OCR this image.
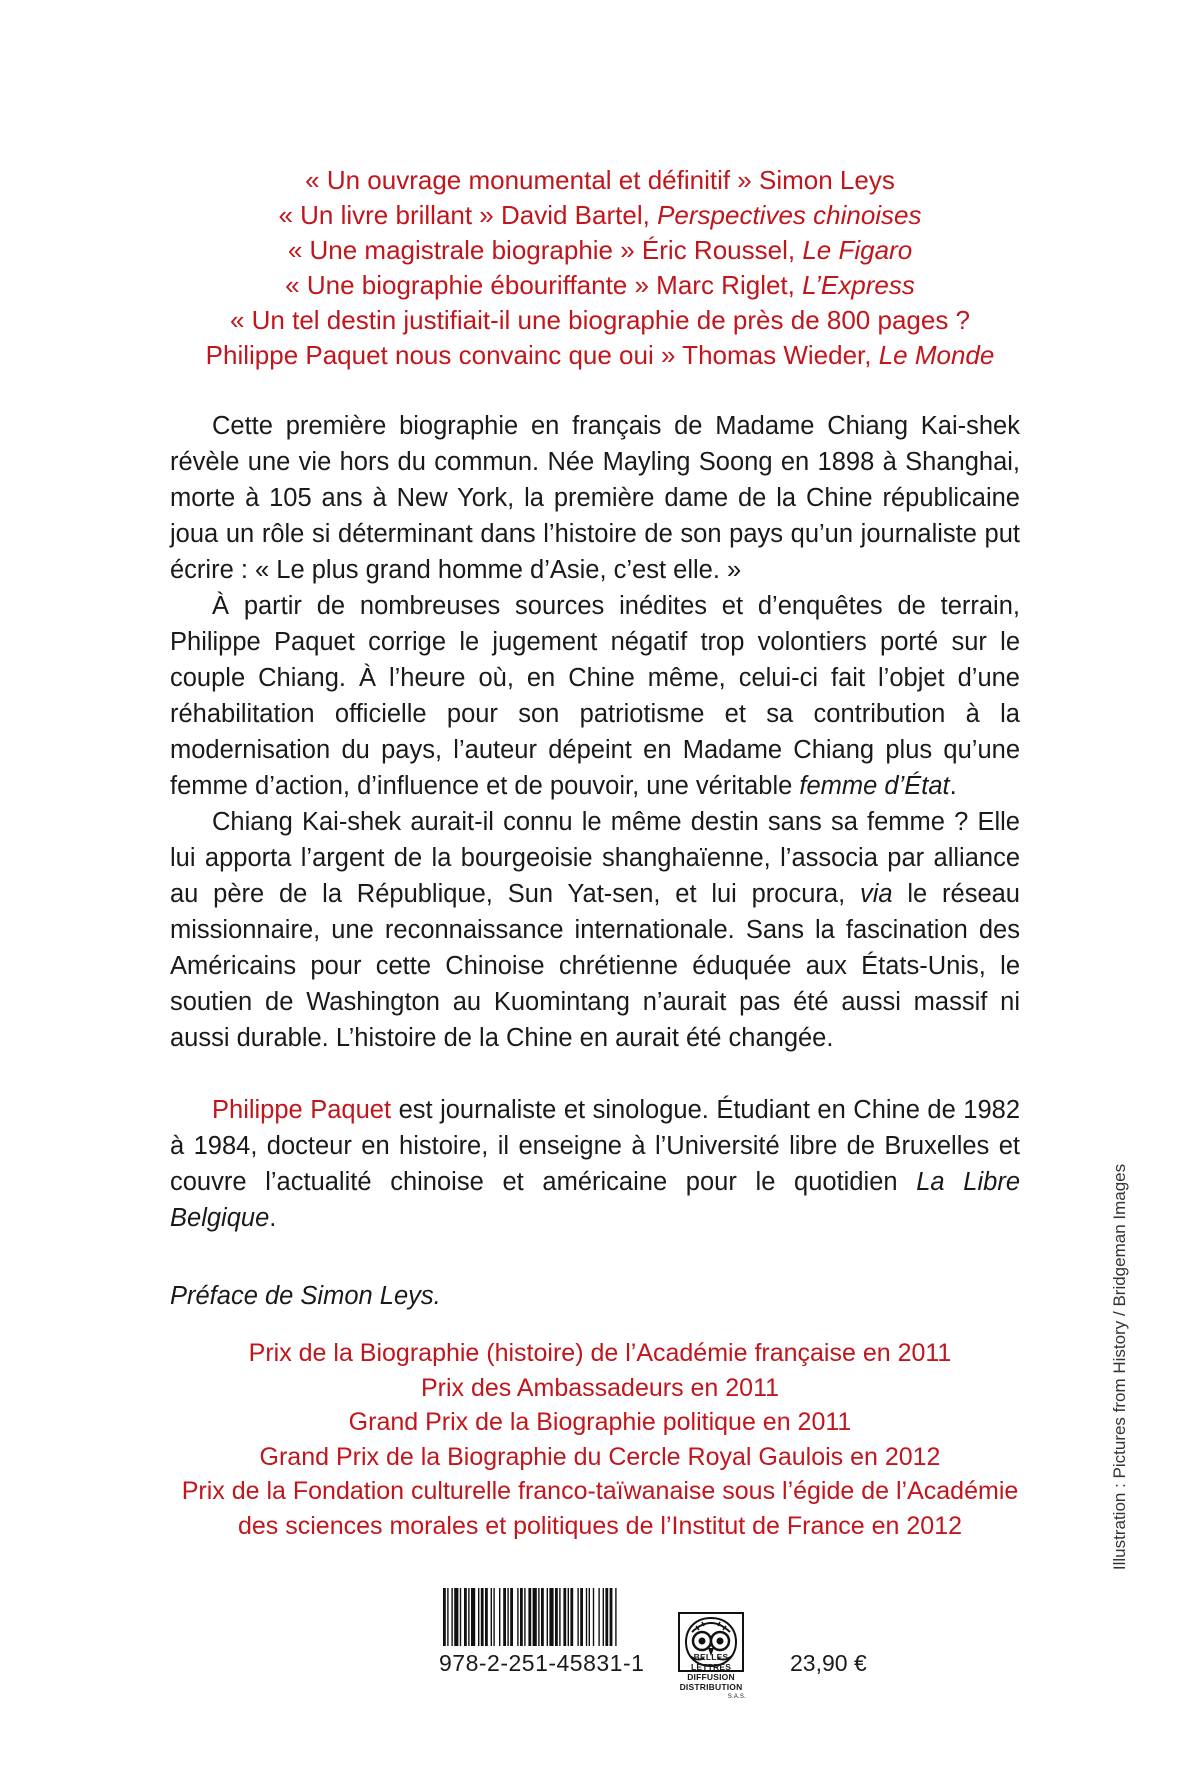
« Un ouvrage monumental et définitif » Simon Leys
« Un livre brillant » David Bartel, Perspectives chinoises
« Une magistrale biographie » Éric Roussel, Le Figaro
« Une biographie ébouriffante » Marc Riglet, L’Express
« Un tel destin justifiait-il une biographie de près de 800 pages ?
Philippe Paquet nous convainc que oui » Thomas Wieder, Le Monde

Cette première biographie en français de Madame Chiang Kai-shek révèle une vie hors du commun. Née Mayling Soong en 1898 à Shanghai, morte à 105 ans à New York, la première dame de la Chine républicaine joua un rôle si déterminant dans l’histoire de son pays qu’un journaliste put écrire : « Le plus grand homme d’Asie, c’est elle. »

À partir de nombreuses sources inédites et d’enquêtes de terrain, Philippe Paquet corrige le jugement négatif trop volontiers porté sur le couple Chiang. À l’heure où, en Chine même, celui-ci fait l’objet d’une réhabilitation officielle pour son patriotisme et sa contribution à la modernisation du pays, l’auteur dépeint en Madame Chiang plus qu’une femme d’action, d’influence et de pouvoir, une véritable femme d’État.

Chiang Kai-shek aurait-il connu le même destin sans sa femme ? Elle lui apporta l’argent de la bourgeoisie shanghaïenne, l’associa par alliance au père de la République, Sun Yat-sen, et lui procura, via le réseau missionnaire, une reconnaissance internationale. Sans la fascination des Américains pour cette Chinoise chrétienne éduquée aux États-Unis, le soutien de Washington au Kuomintang n’aurait pas été aussi massif ni aussi durable. L’histoire de la Chine en aurait été changée.

Philippe Paquet est journaliste et sinologue. Étudiant en Chine de 1982 à 1984, docteur en histoire, il enseigne à l’Université libre de Bruxelles et couvre l’actualité chinoise et américaine pour le quotidien La Libre Belgique.

Préface de Simon Leys.

Prix de la Biographie (histoire) de l’Académie française en 2011
Prix des Ambassadeurs en 2011
Grand Prix de la Biographie politique en 2011
Grand Prix de la Biographie du Cercle Royal Gaulois en 2012
Prix de la Fondation culturelle franco-taïwanaise sous l’égide de l’Académie
des sciences morales et politiques de l’Institut de France en 2012	Illustration : Pictures from History / Bridgeman Images
978-2-251-45831-1	BELLES LETTRES
DIFFUSION
DISTRIBUTION
S.A.S.
23,90 €
